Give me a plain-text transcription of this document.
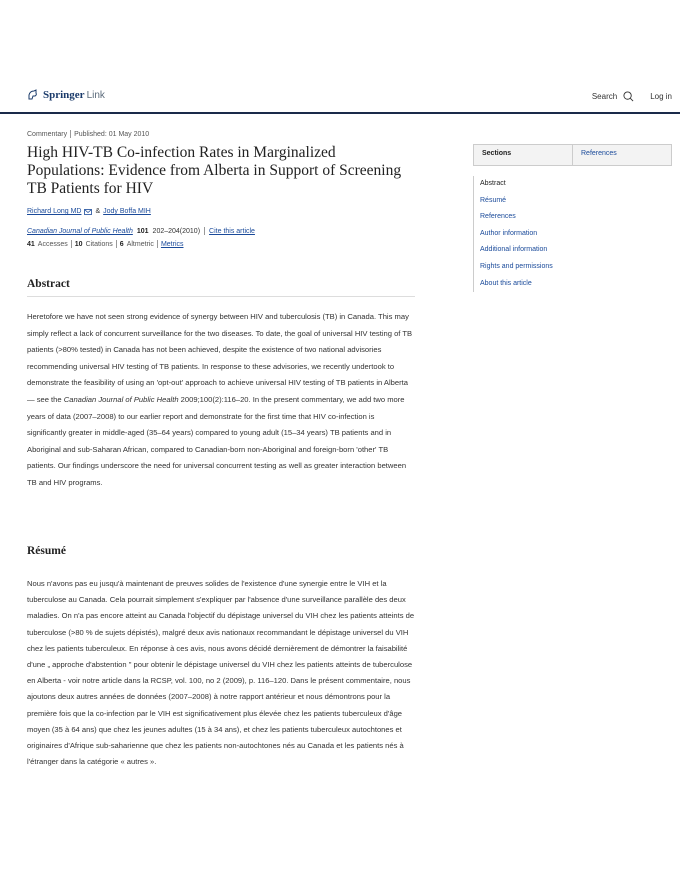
Springer Link	Search	Log in
Commentary Published: 01 May 2010
High HIV-TB Co-infection Rates in Marginalized Populations: Evidence from Alberta in Support of Screening TB Patients for HIV
Richard Long MD & Jody Boffa MIH
Canadian Journal of Public Health 101 202–204(2010) Cite this article
41 Accesses 10 Citations 6 Altmetric Metrics
Abstract

Heretofore we have not seen strong evidence of synergy between HIV and tuberculosis (TB) in Canada. This may simply reflect a lack of concurrent surveillance for the two diseases. To date, the goal of universal HIV testing of TB patients (>80% tested) in Canada has not been achieved, despite the existence of two national advisories recommending universal HIV testing of TB patients. In response to these advisories, we recently undertook to demonstrate the feasibility of using an 'opt-out' approach to achieve universal HIV testing of TB patients in Alberta — see the Canadian Journal of Public Health 2009;100(2):116–20. In the present commentary, we add two more years of data (2007–2008) to our earlier report and demonstrate for the first time that HIV co-infection is significantly greater in middle-aged (35–64 years) compared to young adult (15–34 years) TB patients and in Aboriginal and sub-Saharan African, compared to Canadian-born non-Aboriginal and foreign-born 'other' TB patients. Our findings underscore the need for universal concurrent testing as well as greater interaction between TB and HIV programs.

Résumé

Nous n'avons pas eu jusqu'à maintenant de preuves solides de l'existence d'une synergie entre le VIH et la tuberculose au Canada. Cela pourrait simplement s'expliquer par l'absence d'une surveillance parallèle des deux maladies. On n'a pas encore atteint au Canada l'objectif du dépistage universel du VIH chez les patients atteints de tuberculose (>80 % de sujets dépistés), malgré deux avis nationaux recommandant le dépistage universel du VIH chez les patients tuberculeux. En réponse à ces avis, nous avons décidé dernièrement de démontrer la faisabilité d'une „ approche d'abstention " pour obtenir le dépistage universel du VIH chez les patients atteints de tuberculose en Alberta - voir notre article dans la RCSP, vol. 100, no 2 (2009), p. 116–120. Dans le présent commentaire, nous ajoutons deux autres années de données (2007–2008) à notre rapport antérieur et nous démontrons pour la première fois que la co-infection par le VIH est significativement plus élevée chez les patients tuberculeux d'âge moyen (35 à 64 ans) que chez les jeunes adultes (15 à 34 ans), et chez les patients tuberculeux autochtones et originaires d'Afrique sub-saharienne que chez les patients non-autochtones nés au Canada et les patients nés à l'étranger dans la catégorie « autres ».

Sections	References
Abstract
Résumé
References
Author information
Additional information
Rights and permissions
About this article
